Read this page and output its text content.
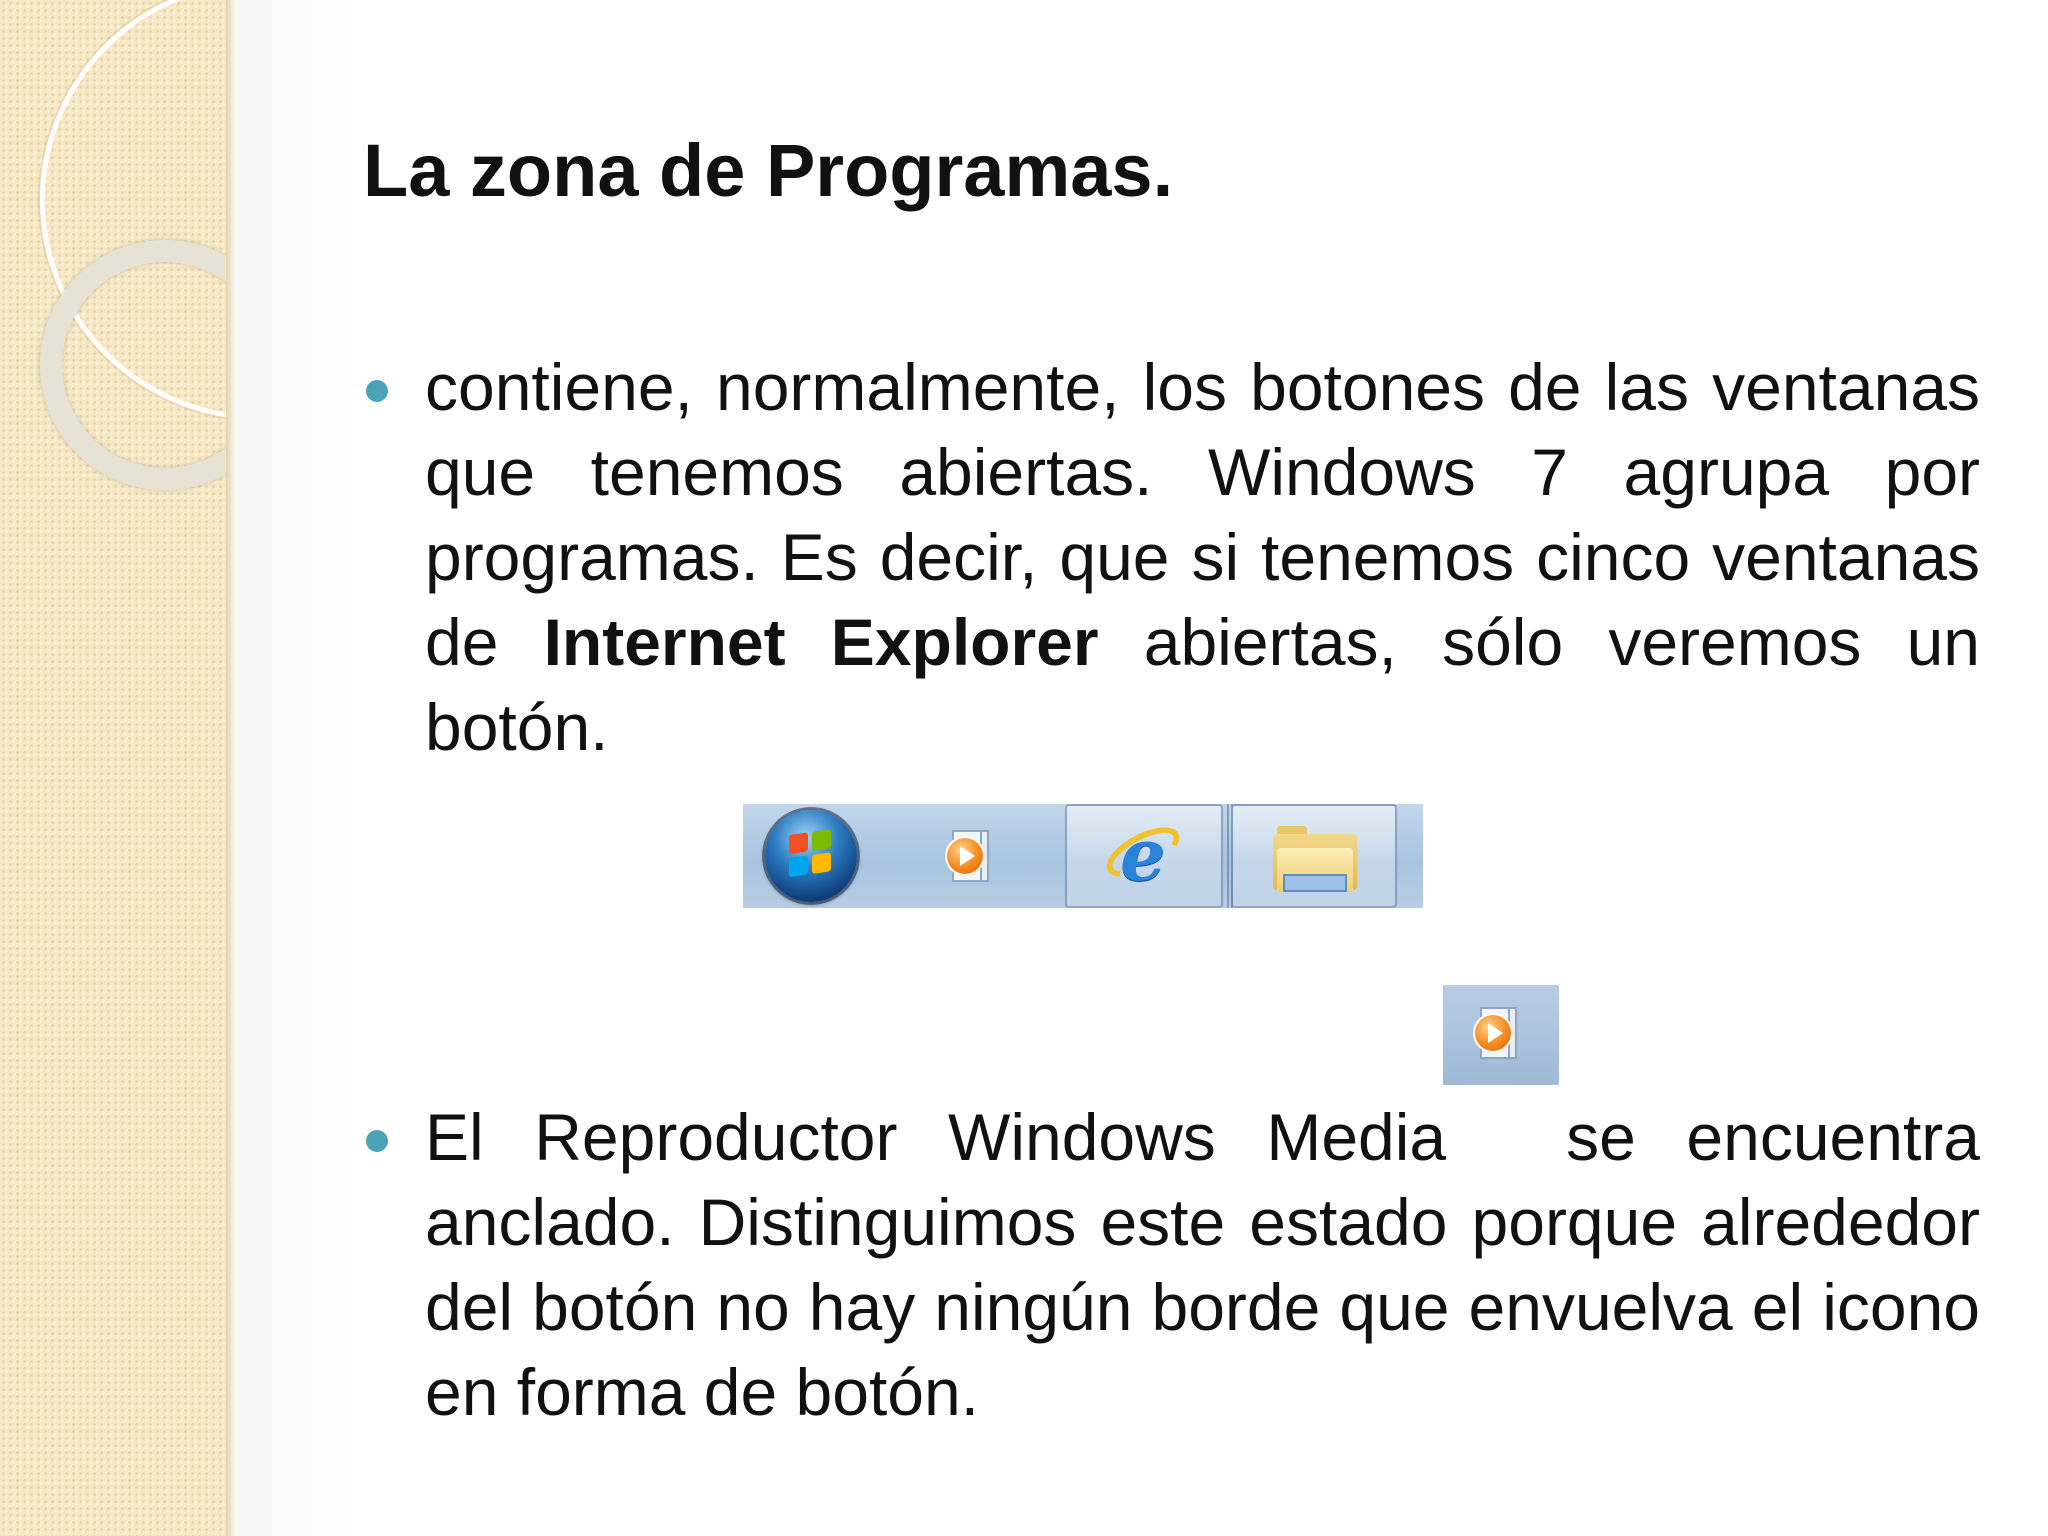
La zona de Programas.

contiene, normalmente, los botones de las ventanas que tenemos abiertas. Windows 7 agrupa por programas. Es decir, que si tenemos cinco ventanas de Internet Explorer abiertas, sólo veremos un botón.

e

El Reproductor Windows Media se encuentra anclado. Distinguimos este estado porque alrededor del botón no hay ningún borde que envuelva el icono en forma de botón.
